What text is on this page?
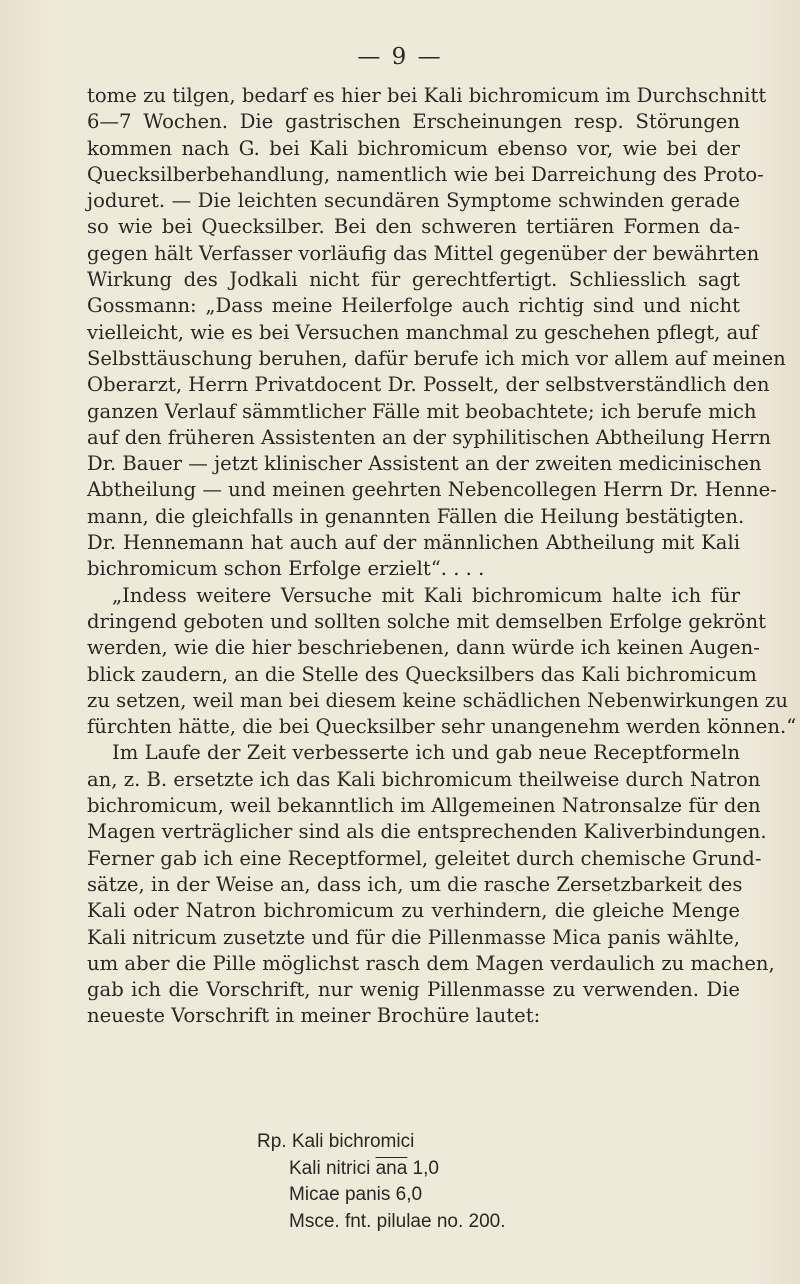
— 9 —
tome zu tilgen, bedarf es hier bei Kali bichromicum im Durchschnitt
6—7 Wochen. Die gastrischen Erscheinungen resp. Störungen
kommen nach G. bei Kali bichromicum ebenso vor, wie bei der
Quecksilberbehandlung, namentlich wie bei Darreichung des Proto-
joduret. — Die leichten secundären Symptome schwinden gerade
so wie bei Quecksilber. Bei den schweren tertiären Formen da-
gegen hält Verfasser vorläufig das Mittel gegenüber der bewährten
Wirkung des Jodkali nicht für gerechtfertigt. Schliesslich sagt
Gossmann: „Dass meine Heilerfolge auch richtig sind und nicht
vielleicht, wie es bei Versuchen manchmal zu geschehen pflegt, auf
Selbsttäuschung beruhen, dafür berufe ich mich vor allem auf meinen
Oberarzt, Herrn Privatdocent Dr. Posselt, der selbstverständlich den
ganzen Verlauf sämmtlicher Fälle mit beobachtete; ich berufe mich
auf den früheren Assistenten an der syphilitischen Abtheilung Herrn
Dr. Bauer — jetzt klinischer Assistent an der zweiten medicinischen
Abtheilung — und meinen geehrten Nebencollegen Herrn Dr. Henne-
mann, die gleichfalls in genannten Fällen die Heilung bestätigten.
Dr. Hennemann hat auch auf der männlichen Abtheilung mit Kali
bichromicum schon Erfolge erzielt“. . . .
„Indess weitere Versuche mit Kali bichromicum halte ich für
dringend geboten und sollten solche mit demselben Erfolge gekrönt
werden, wie die hier beschriebenen, dann würde ich keinen Augen-
blick zaudern, an die Stelle des Quecksilbers das Kali bichromicum
zu setzen, weil man bei diesem keine schädlichen Nebenwirkungen zu
fürchten hätte, die bei Quecksilber sehr unangenehm werden können.“
Im Laufe der Zeit verbesserte ich und gab neue Receptformeln
an, z. B. ersetzte ich das Kali bichromicum theilweise durch Natron
bichromicum, weil bekanntlich im Allgemeinen Natronsalze für den
Magen verträglicher sind als die entsprechenden Kaliverbindungen.
Ferner gab ich eine Receptformel, geleitet durch chemische Grund-
sätze, in der Weise an, dass ich, um die rasche Zersetzbarkeit des
Kali oder Natron bichromicum zu verhindern, die gleiche Menge
Kali nitricum zusetzte und für die Pillenmasse Mica panis wählte,
um aber die Pille möglichst rasch dem Magen verdaulich zu machen,
gab ich die Vorschrift, nur wenig Pillenmasse zu verwenden. Die
neueste Vorschrift in meiner Brochüre lautet:
Rp. Kali bichromici
Kali nitrici $\overline{ana}$ 1,0
Micae panis 6,0
Msce. fnt. pilulae no. 200.
